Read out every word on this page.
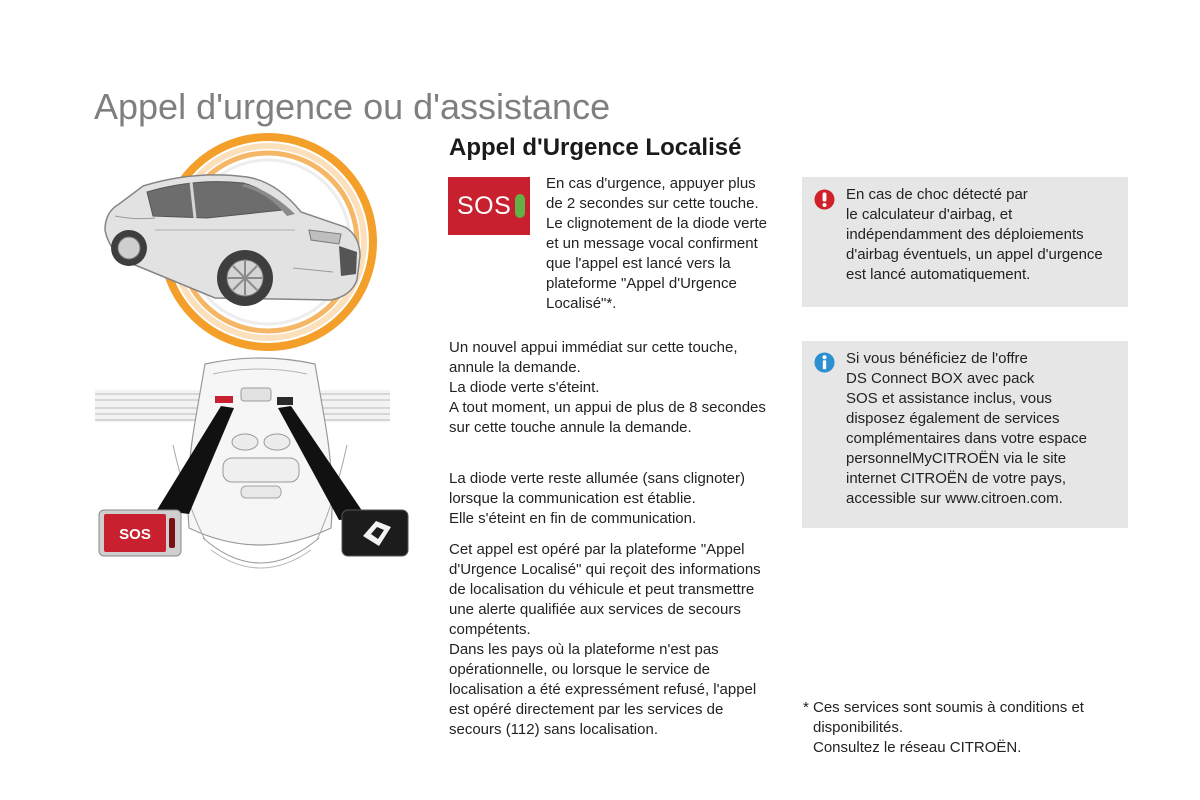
Appel d'urgence ou d'assistance
SOS
Appel d'Urgence Localisé
SOS
En cas d'urgence, appuyer plus
de 2 secondes sur cette touche.
Le clignotement de la diode verte
et un message vocal confirment
que l'appel est lancé vers la
plateforme "Appel d'Urgence
Localisé"*.
Un nouvel appui immédiat sur cette touche,
annule la demande.
La diode verte s'éteint.
A tout moment, un appui de plus de 8 secondes
sur cette touche annule la demande.
La diode verte reste allumée (sans clignoter)
lorsque la communication est établie.
Elle s'éteint en fin de communication.
Cet appel est opéré par la plateforme "Appel
d'Urgence Localisé" qui reçoit des informations
de localisation du véhicule et peut transmettre
une alerte qualifiée aux services de secours
compétents.
Dans les pays où la plateforme n'est pas
opérationnelle, ou lorsque le service de
localisation a été expressément refusé, l'appel
est opéré directement par les services de
secours (112) sans localisation.
En cas de choc détecté par
le calculateur d'airbag, et
indépendamment des déploiements
d'airbag éventuels, un appel d'urgence
est lancé automatiquement.
Si vous bénéficiez de l'offre
DS Connect BOX avec pack
SOS et assistance inclus, vous
disposez également de services
complémentaires dans votre espace
personnelMyCITROËN via le site
internet CITROËN de votre pays,
accessible sur www.citroen.com.
* Ces services sont soumis à conditions et
disponibilités.
Consultez le réseau CITROËN.
